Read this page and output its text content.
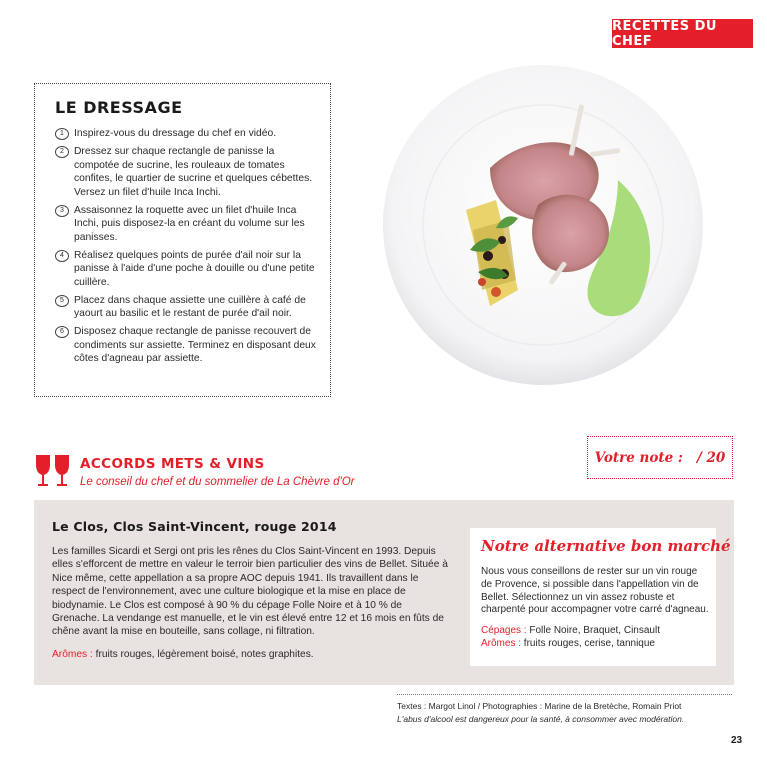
RECETTES DU CHEF
LE DRESSAGE
1 Inspirez-vous du dressage du chef en vidéo.
2 Dressez sur chaque rectangle de panisse la compotée de sucrine, les rouleaux de tomates confites, le quartier de sucrine et quelques cébettes. Versez un filet d'huile Inca Inchi.
3 Assaisonnez la roquette avec un filet d'huile Inca Inchi, puis disposez-la en créant du volume sur les panisses.
4 Réalisez quelques points de purée d'ail noir sur la panisse à l'aide d'une poche à douille ou d'une petite cuillère.
5 Placez dans chaque assiette une cuillère à café de yaourt au basilic et le restant de purée d'ail noir.
6 Disposez chaque rectangle de panisse recouvert de condiments sur assiette. Terminez en disposant deux côtes d'agneau par assiette.
ACCORDS METS & VINS
Le conseil du chef et du sommelier de La Chèvre d'Or
Votre note : / 20
Le Clos, Clos Saint-Vincent, rouge 2014
Les familles Sicardi et Sergi ont pris les rênes du Clos Saint-Vincent en 1993. Depuis elles s'efforcent de mettre en valeur le terroir bien particulier des vins de Bellet. Située à Nice même, cette appellation a sa propre AOC depuis 1941. Ils travaillent dans le respect de l'environnement, avec une culture biologique et la mise en place de biodynamie. Le Clos est composé à 90 % du cépage Folle Noire et à 10 % de Grenache. La vendange est manuelle, et le vin est élevé entre 12 et 16 mois en fûts de chêne avant la mise en bouteille, sans collage, ni filtration.
Arômes : fruits rouges, légèrement boisé, notes graphites.
Notre alternative bon marché
Nous vous conseillons de rester sur un vin rouge de Provence, si possible dans l'appellation vin de Bellet. Sélectionnez un vin assez robuste et charpenté pour accompagner votre carré d'agneau.
Cépages : Folle Noire, Braquet, Cinsault
Arômes : fruits rouges, cerise, tannique
Textes : Margot Linol / Photographies : Marine de la Bretèche, Romain Priot
L'abus d'alcool est dangereux pour la santé, à consommer avec modération.
23
